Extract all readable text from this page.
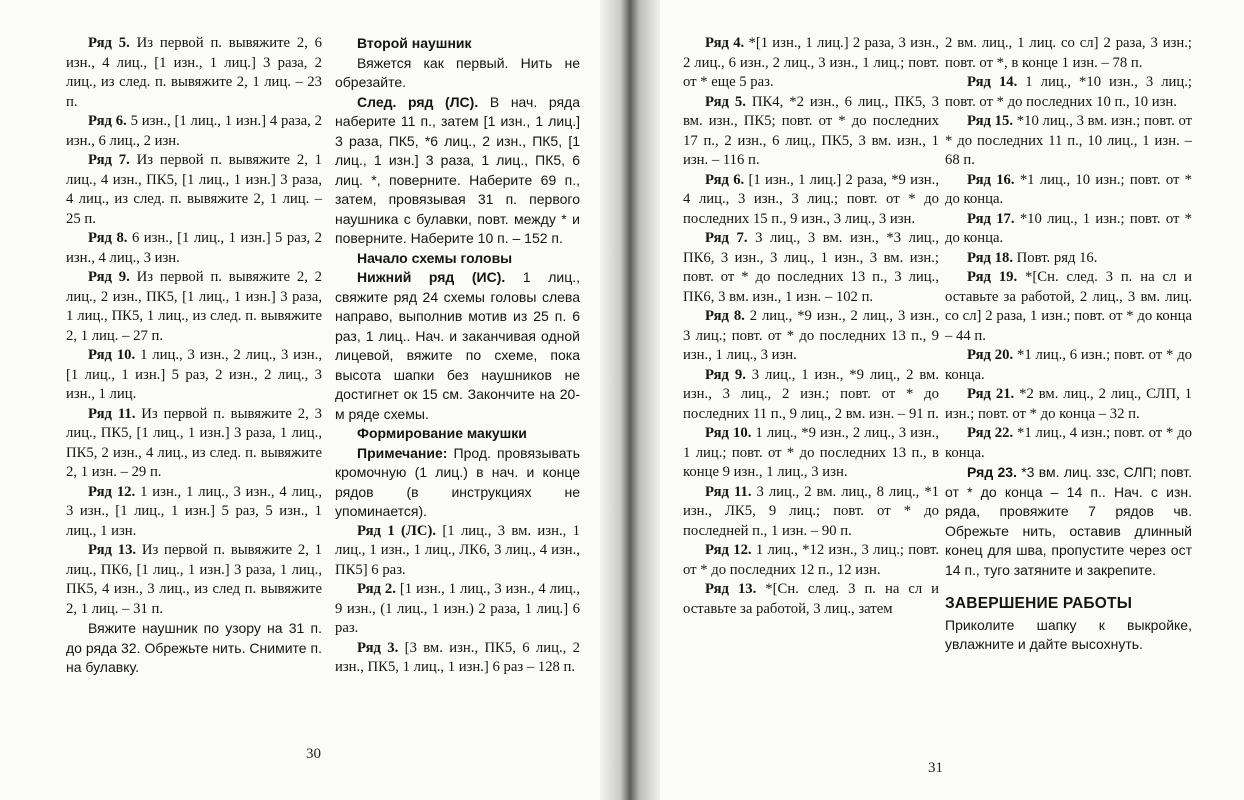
Ряд 5. Из первой п. вывяжите 2, 6 изн., 4 лиц., [1 изн., 1 лиц.] 3 раза, 2 лиц., из след. п. вывяжите 2, 1 лиц. – 23 п.

Ряд 6. 5 изн., [1 лиц., 1 изн.] 4 раза, 2 изн., 6 лиц., 2 изн.

Ряд 7. Из первой п. вывяжите 2, 1 лиц., 4 изн., ПК5, [1 лиц., 1 изн.] 3 раза, 4 лиц., из след. п. вывяжите 2, 1 лиц. – 25 п.

Ряд 8. 6 изн., [1 лиц., 1 изн.] 5 раз, 2 изн., 4 лиц., 3 изн.

Ряд 9. Из первой п. вывяжите 2, 2 лиц., 2 изн., ПК5, [1 лиц., 1 изн.] 3 раза, 1 лиц., ПК5, 1 лиц., из след. п. вывяжите 2, 1 лиц. – 27 п.

Ряд 10. 1 лиц., 3 изн., 2 лиц., 3 изн., [1 лиц., 1 изн.] 5 раз, 2 изн., 2 лиц., 3 изн., 1 лиц.

Ряд 11. Из первой п. вывяжите 2, 3 лиц., ПК5, [1 лиц., 1 изн.] 3 раза, 1 лиц., ПК5, 2 изн., 4 лиц., из след. п. вывяжите 2, 1 изн. – 29 п.

Ряд 12. 1 изн., 1 лиц., 3 изн., 4 лиц., 3 изн., [1 лиц., 1 изн.] 5 раз, 5 изн., 1 лиц., 1 изн.

Ряд 13. Из первой п. вывяжите 2, 1 лиц., ПК6, [1 лиц., 1 изн.] 3 раза, 1 лиц., ПК5, 4 изн., 3 лиц., из след п. вывяжите 2, 1 лиц. – 31 п.

Вяжите наушник по узору на 31 п. до ряда 32. Обрежьте нить. Снимите п. на булавку.

Второй наушник

Вяжется как первый. Нить не обрезайте.

След. ряд (ЛС). В нач. ряда наберите 11 п., затем [1 изн., 1 лиц.] 3 раза, ПК5, *6 лиц., 2 изн., ПК5, [1 лиц., 1 изн.] 3 раза, 1 лиц., ПК5, 6 лиц. *, поверните. Наберите 69 п., затем, провязывая 31 п. первого наушника с булавки, повт. между * и поверните. Наберите 10 п. – 152 п.

Начало схемы головы

Нижний ряд (ИС). 1 лиц., свяжите ряд 24 схемы головы слева направо, выполнив мотив из 25 п. 6 раз, 1 лиц.. Нач. и заканчивая одной лицевой, вяжите по схеме, пока высота шапки без наушников не достигнет ок 15 см. Закончите на 20-м ряде схемы.

Формирование макушки

Примечание: Прод. провязывать кромочную (1 лиц.) в нач. и конце рядов (в инструкциях не упоминается).

Ряд 1 (ЛС). [1 лиц., 3 вм. изн., 1 лиц., 1 изн., 1 лиц., ЛК6, 3 лиц., 4 изн., ПК5] 6 раз.

Ряд 2. [1 изн., 1 лиц., 3 изн., 4 лиц., 9 изн., (1 лиц., 1 изн.) 2 раза, 1 лиц.] 6 раз.

Ряд 3. [3 вм. изн., ПК5, 6 лиц., 2 изн., ПК5, 1 лиц., 1 изн.] 6 раз – 128 п.

30

Ряд 4. *[1 изн., 1 лиц.] 2 раза, 3 изн., 2 лиц., 6 изн., 2 лиц., 3 изн., 1 лиц.; повт. от * еще 5 раз.

Ряд 5. ПК4, *2 изн., 6 лиц., ПК5, 3 вм. изн., ПК5; повт. от * до последних 17 п., 2 изн., 6 лиц., ПК5, 3 вм. изн., 1 изн. – 116 п.

Ряд 6. [1 изн., 1 лиц.] 2 раза, *9 изн., 4 лиц., 3 изн., 3 лиц.; повт. от * до последних 15 п., 9 изн., 3 лиц., 3 изн.

Ряд 7. 3 лиц., 3 вм. изн., *3 лиц., ПК6, 3 изн., 3 лиц., 1 изн., 3 вм. изн.; повт. от * до последних 13 п., 3 лиц., ПК6, 3 вм. изн., 1 изн. – 102 п.

Ряд 8. 2 лиц., *9 изн., 2 лиц., 3 изн., 3 лиц.; повт. от * до последних 13 п., 9 изн., 1 лиц., 3 изн.

Ряд 9. 3 лиц., 1 изн., *9 лиц., 2 вм. изн., 3 лиц., 2 изн.; повт. от * до последних 11 п., 9 лиц., 2 вм. изн. – 91 п.

Ряд 10. 1 лиц., *9 изн., 2 лиц., 3 изн., 1 лиц.; повт. от * до последних 13 п., в конце 9 изн., 1 лиц., 3 изн.

Ряд 11. 3 лиц., 2 вм. лиц., 8 лиц., *1 изн., ЛК5, 9 лиц.; повт. от * до последней п., 1 изн. – 90 п.

Ряд 12. 1 лиц., *12 изн., 3 лиц.; повт. от * до последних 12 п., 12 изн.

Ряд 13. *[Сн. след. 3 п. на сл и оставьте за работой, 3 лиц., затем

2 вм. лиц., 1 лиц. со сл] 2 раза, 3 изн.; повт. от *, в конце 1 изн. – 78 п.

Ряд 14. 1 лиц., *10 изн., 3 лиц.; повт. от * до последних 10 п., 10 изн.

Ряд 15. *10 лиц., 3 вм. изн.; повт. от * до последних 11 п., 10 лиц., 1 изн. – 68 п.

Ряд 16. *1 лиц., 10 изн.; повт. от * до конца.

Ряд 17. *10 лиц., 1 изн.; повт. от * до конца.

Ряд 18. Повт. ряд 16.

Ряд 19. *[Сн. след. 3 п. на сл и оставьте за работой, 2 лиц., 3 вм. лиц. со сл] 2 раза, 1 изн.; повт. от * до конца – 44 п.

Ряд 20. *1 лиц., 6 изн.; повт. от * до конца.

Ряд 21. *2 вм. лиц., 2 лиц., СЛП, 1 изн.; повт. от * до конца – 32 п.

Ряд 22. *1 лиц., 4 изн.; повт. от * до конца.

Ряд 23. *3 вм. лиц. ззс, СЛП; повт. от * до конца – 14 п.. Нач. с изн. ряда, провяжите 7 рядов чв. Обрежьте нить, оставив длинный конец для шва, пропустите через ост 14 п., туго затяните и закрепите.

ЗАВЕРШЕНИЕ РАБОТЫ

Приколите шапку к выкройке, увлажните и дайте высохнуть.

31
